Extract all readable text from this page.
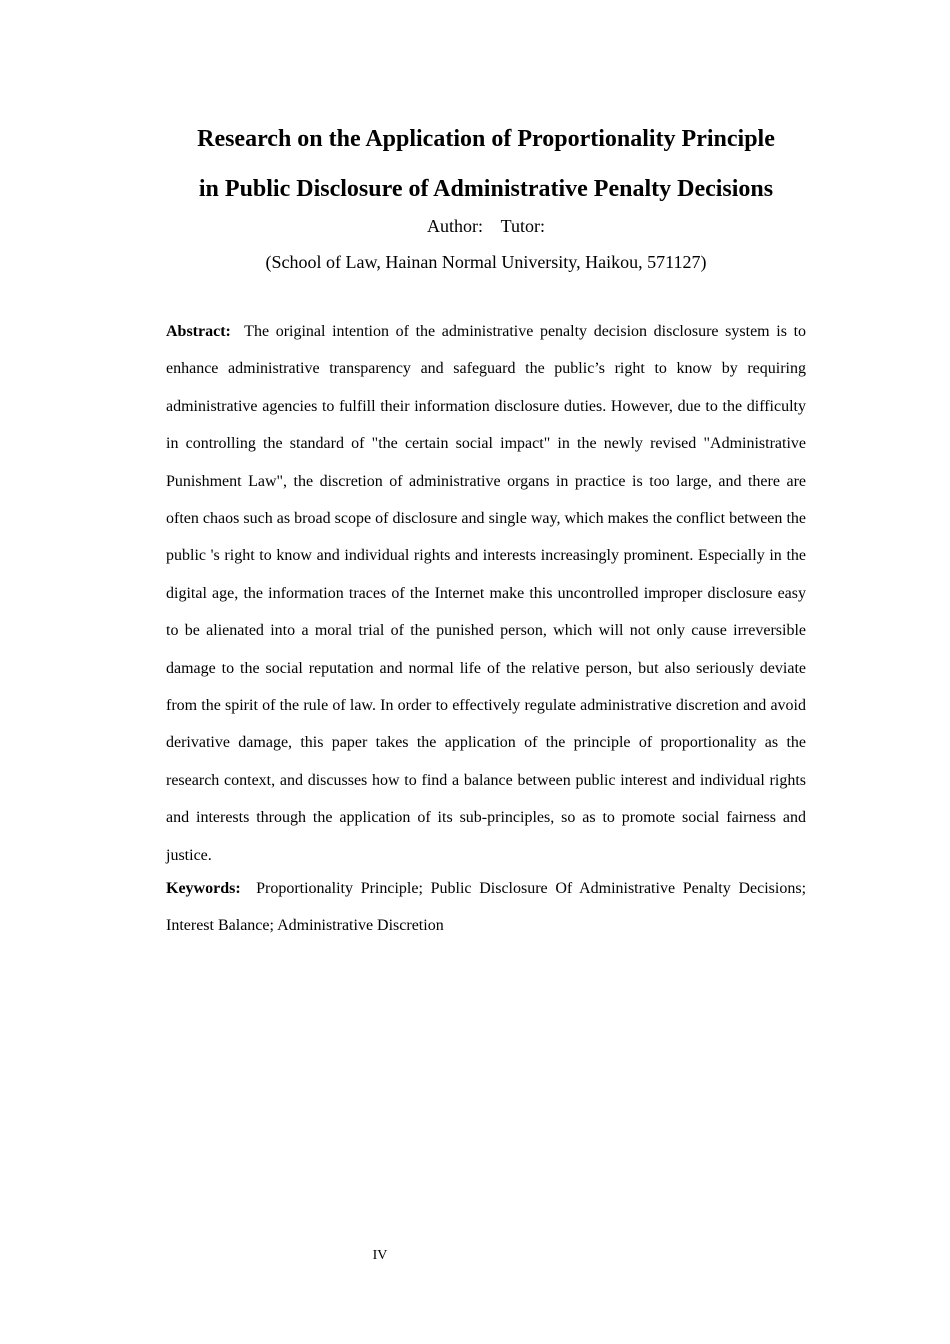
Research on the Application of Proportionality Principle
in Public Disclosure of Administrative Penalty Decisions
Author: Tutor:
(School of Law, Hainan Normal University, Haikou, 571127)

Abstract: The original intention of the administrative penalty decision disclosure system is to enhance administrative transparency and safeguard the public’s right to know by requiring administrative agencies to fulfill their information disclosure duties. However, due to the difficulty in controlling the standard of "the certain social impact" in the newly revised "Administrative Punishment Law", the discretion of administrative organs in practice is too large, and there are often chaos such as broad scope of disclosure and single way, which makes the conflict between the public 's right to know and individual rights and interests increasingly prominent. Especially in the digital age, the information traces of the Internet make this uncontrolled improper disclosure easy to be alienated into a moral trial of the punished person, which will not only cause irreversible damage to the social reputation and normal life of the relative person, but also seriously deviate from the spirit of the rule of law. In order to effectively regulate administrative discretion and avoid derivative damage, this paper takes the application of the principle of proportionality as the research context, and discusses how to find a balance between public interest and individual rights and interests through the application of its sub-principles, so as to promote social fairness and justice.

Keywords: Proportionality Principle; Public Disclosure Of Administrative Penalty Decisions; Interest Balance; Administrative Discretion

IV
